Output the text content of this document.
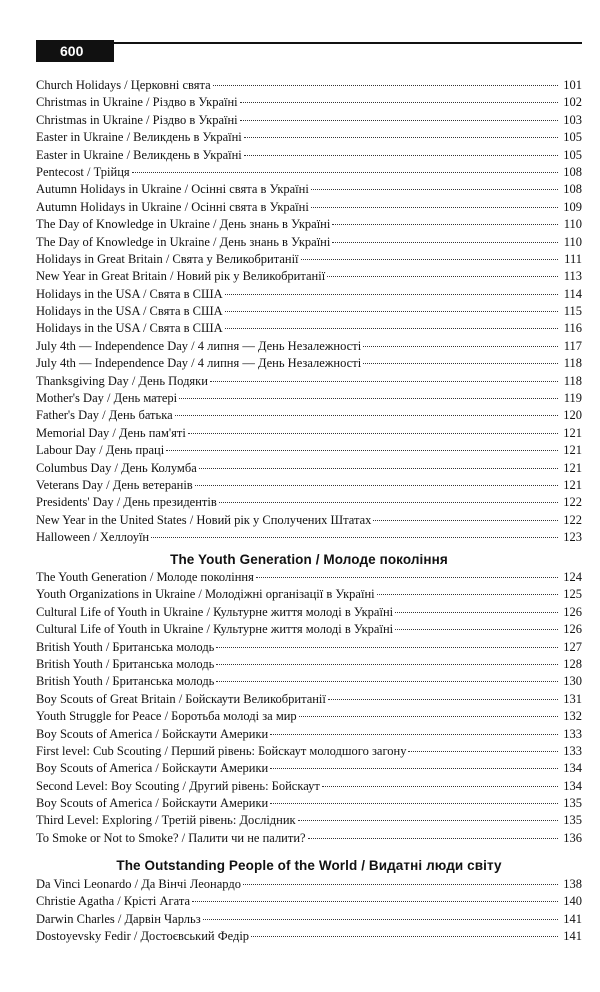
600
Church Holidays / Церковні свята	101
Christmas in Ukraine / Різдво в Україні	102
Christmas in Ukraine / Різдво в Україні	103
Easter in Ukraine / Великдень в Україні	105
Easter in Ukraine / Великдень в Україні	105
Pentecost / Трійця	108
Autumn Holidays in Ukraine / Осінні свята в Україні	108
Autumn Holidays in Ukraine / Осінні свята в Україні	109
The Day of Knowledge in Ukraine / День знань в Україні	110
The Day of Knowledge in Ukraine / День знань в Україні	110
Holidays in Great Britain / Свята у Великобританії	111
New Year in Great Britain / Новий рік у Великобританії	113
Holidays in the USA / Свята в США	114
Holidays in the USA / Свята в США	115
Holidays in the USA / Свята в США	116
July 4th — Independence Day / 4 липня — День Незалежності	117
July 4th — Independence Day / 4 липня — День Незалежності	118
Thanksgiving Day / День Подяки	118
Mother's Day / День матері	119
Father's Day / День батька	120
Memorial Day / День пам'яті	121
Labour Day / День праці	121
Columbus Day / День Колумба	121
Veterans Day / День ветеранів	121
Presidents' Day / День президентів	122
New Year in the United States / Новий рік у Сполучених Штатах	122
Halloween / Хеллоуїн	123
The Youth Generation / Молоде покоління
The Youth Generation / Молоде покоління	124
Youth Organizations in Ukraine / Молодіжні організації в Україні	125
Cultural Life of Youth in Ukraine / Культурне життя молоді в Україні	126
Cultural Life of Youth in Ukraine / Культурне життя молоді в Україні	126
British Youth / Британська молодь	127
British Youth / Британська молодь	128
British Youth / Британська молодь	130
Boy Scouts of Great Britain / Бойскаути Великобританії	131
Youth Struggle for Peace / Боротьба молоді за мир	132
Boy Scouts of America / Бойскаути Америки	133
First level: Cub Scouting / Перший рівень: Бойскаут молодшого загону	133
Boy Scouts of America / Бойскаути Америки	134
Second Level: Boy Scouting / Другий рівень: Бойскаут	134
Boy Scouts of America / Бойскаути Америки	135
Third Level: Exploring / Третій рівень: Дослідник	135
To Smoke or Not to Smoke? / Палити чи не палити?	136
The Outstanding People of the World / Видатні люди світу
Da Vinci Leonardo / Да Вінчі Леонардо	138
Christie Agatha / Крісті Агата	140
Darwin Charles / Дарвін Чарльз	141
Dostoyevsky Fedir / Достоєвський Федір	141
